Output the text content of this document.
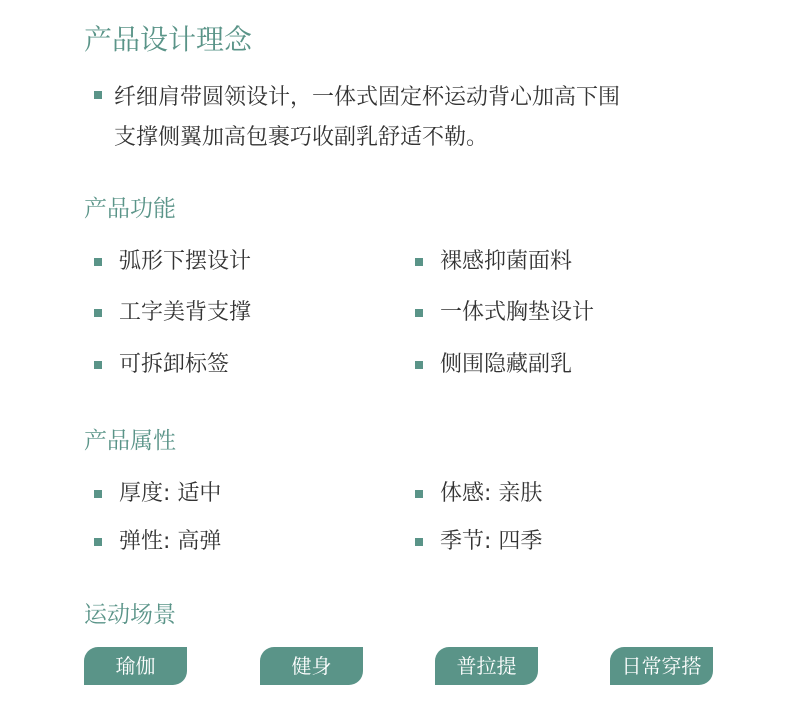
产品设计理念
纤细肩带圆领设计，一体式固定杯运动背心加高下围
支撑侧翼加高包裹巧收副乳舒适不勒。
产品功能
弧形下摆设计	裸感抑菌面料
工字美背支撑	一体式胸垫设计
可拆卸标签	侧围隐藏副乳
产品属性
厚度: 适中	体感: 亲肤
弹性: 高弹	季节: 四季
运动场景
瑜伽	健身	普拉提	日常穿搭
